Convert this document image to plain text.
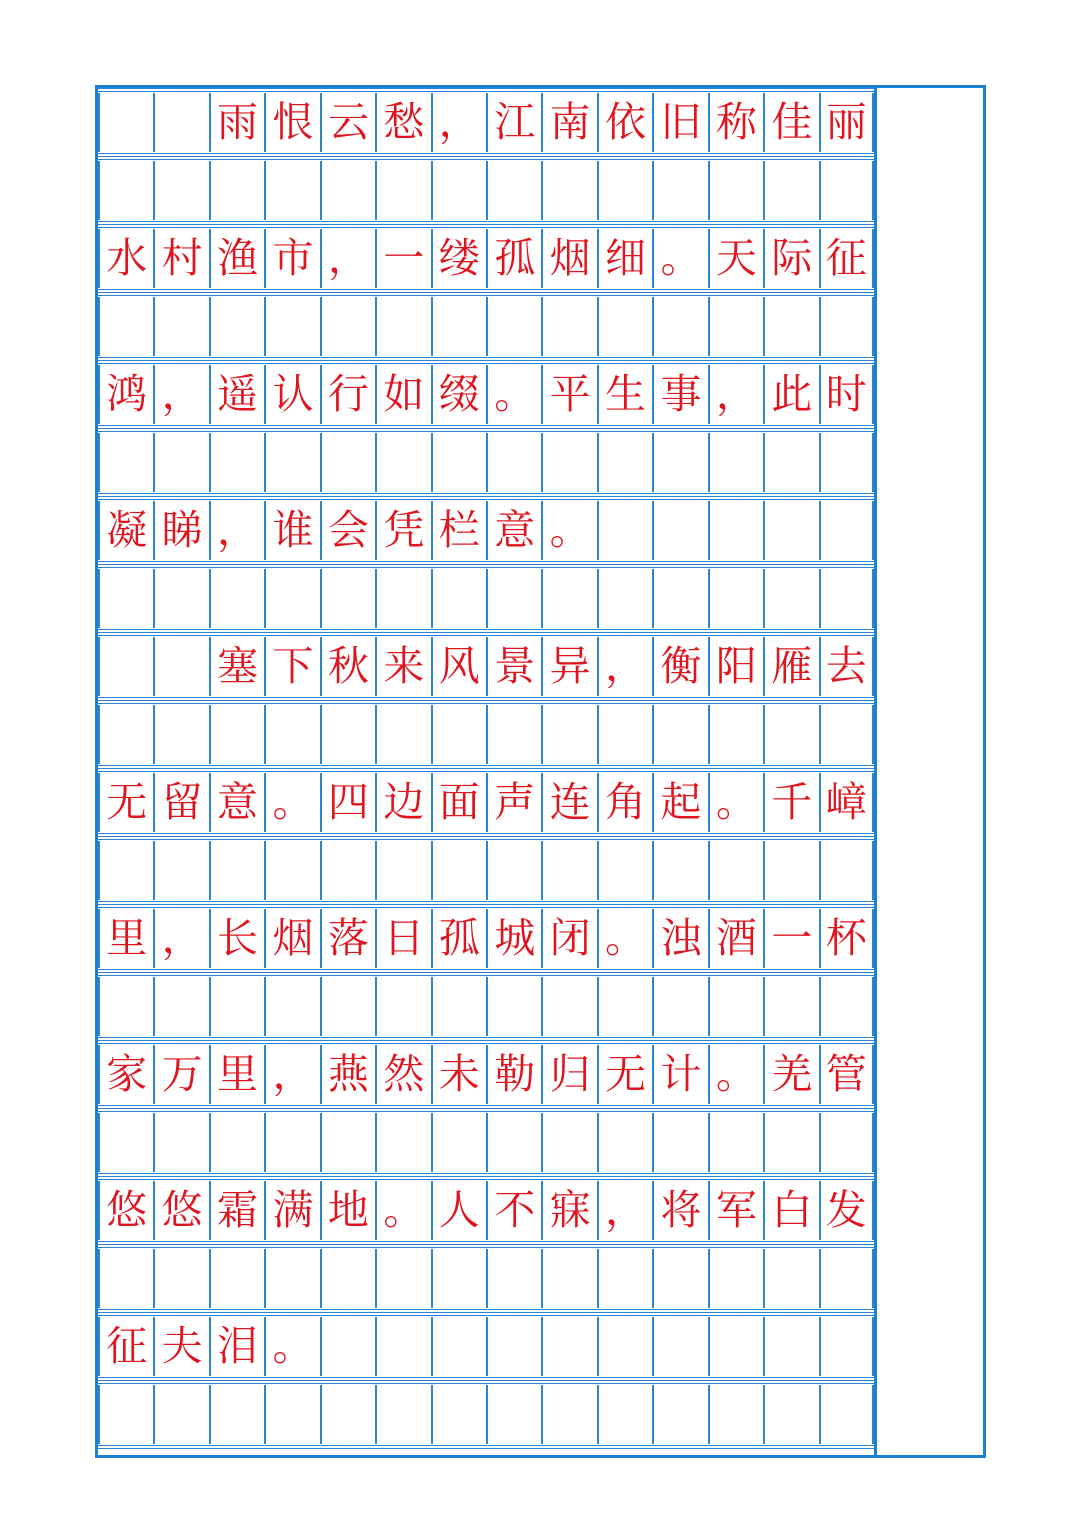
雨 恨 云 愁 ， 江 南 依 旧 称 佳 丽
水 村 渔 市 ， 一 缕 孤 烟 细 。 天 际 征
鸿 ， 遥 认 行 如 缀 。 平 生 事 ， 此 时
凝 睇 ， 谁 会 凭 栏 意 。
塞 下 秋 来 风 景 异 ， 衡 阳 雁 去
无 留 意 。 四 边 面 声 连 角 起 。 千 嶂
里 ， 长 烟 落 日 孤 城 闭 。 浊 酒 一 杯
家 万 里 ， 燕 然 未 勒 归 无 计 。 羌 管
悠 悠 霜 满 地 。 人 不 寐 ， 将 军 白 发
征 夫 泪 。
